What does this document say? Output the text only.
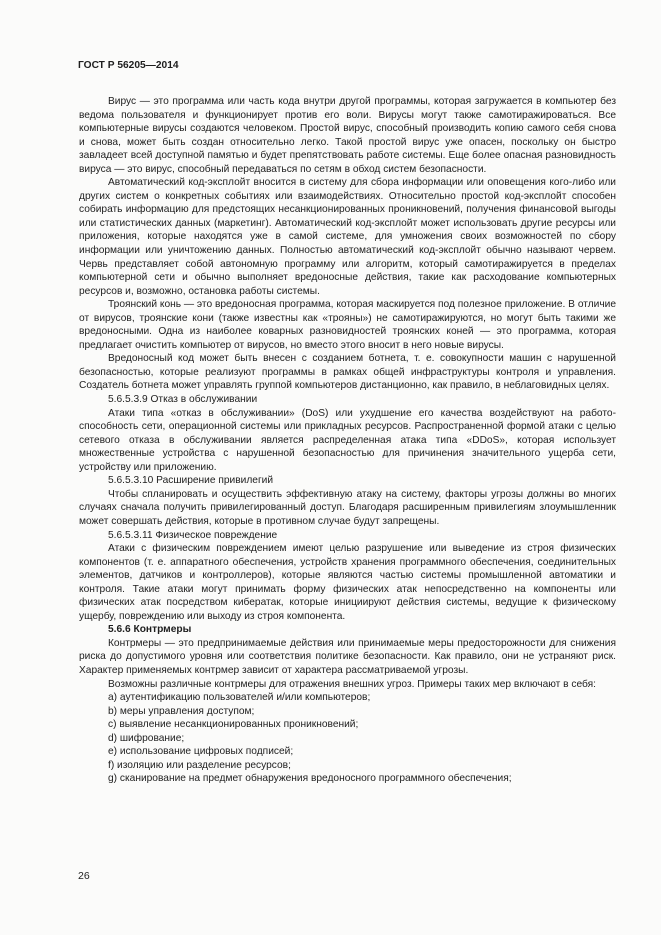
ГОСТ Р 56205—2014

Вирус — это программа или часть кода внутри другой программы, которая загружается в компьютер без ведома пользователя и функционирует против его воли. Вирусы могут также самотиражироваться. Все компьютерные вирусы создаются человеком. Простой вирус, способный производить копию самого себя снова и снова, может быть создан относительно легко. Такой простой вирус уже опасен, поскольку он быстро завладеет всей доступной памятью и будет препятствовать работе системы. Еще более опасная разновидность вируса — это вирус, способный передаваться по сетям в обход систем безопасности.

Автоматический код-эксплойт вносится в систему для сбора информации или оповещения кого-либо или других систем о конкретных событиях или взаимодействиях. Относительно простой код-эксплойт способен собирать информацию для предстоящих несанкционированных проникновений, получения финансовой выгоды или статистических данных (маркетинг). Автоматический код-эксплойт может использовать другие ресурсы или приложения, которые находятся уже в самой системе, для умножения своих возможностей по сбору информации или уничтожению данных. Полностью автоматический код-эксплойт обычно называют червем. Червь представляет собой автономную программу или алгоритм, который самотиражируется в пределах компьютерной сети и обычно выполняет вредоносные действия, такие как расходование компьютерных ресурсов и, возможно, остановка работы системы.

Троянский конь — это вредоносная программа, которая маскируется под полезное приложение. В отличие от вирусов, троянские кони (также известны как «трояны») не самотиражируются, но могут быть такими же вредоносными. Одна из наиболее коварных разновидностей троянских коней — это программа, которая предлагает очистить компьютер от вирусов, но вместо этого вносит в него новые вирусы.

Вредоносный код может быть внесен с созданием ботнета, т. е. совокупности машин с нарушенной безопасностью, которые реализуют программы в рамках общей инфраструктуры контроля и управления. Создатель ботнета может управлять группой компьютеров дистанционно, как правило, в неблаговидных целях.

5.6.5.3.9 Отказ в обслуживании

Атаки типа «отказ в обслуживании» (DoS) или ухудшение его качества воздействуют на работоспособность сети, операционной системы или прикладных ресурсов. Распространенной формой атаки с целью сетевого отказа в обслуживании является распределенная атака типа «DDoS», которая использует множественные устройства с нарушенной безопасностью для причинения значительного ущерба сети, устройству или приложению.

5.6.5.3.10 Расширение привилегий

Чтобы спланировать и осуществить эффективную атаку на систему, факторы угрозы должны во многих случаях сначала получить привилегированный доступ. Благодаря расширенным привилегиям злоумышленник может совершать действия, которые в противном случае будут запрещены.

5.6.5.3.11 Физическое повреждение

Атаки с физическим повреждением имеют целью разрушение или выведение из строя физических компонентов (т. е. аппаратного обеспечения, устройств хранения программного обеспечения, соединительных элементов, датчиков и контроллеров), которые являются частью системы промышленной автоматики и контроля. Такие атаки могут принимать форму физических атак непосредственно на компоненты или физических атак посредством кибератак, которые инициируют действия системы, ведущие к физическому ущербу, повреждению или выходу из строя компонента.

5.6.6 Контрмеры

Контрмеры — это предпринимаемые действия или принимаемые меры предосторожности для снижения риска до допустимого уровня или соответствия политике безопасности. Как правило, они не устраняют риск. Характер применяемых контрмер зависит от характера рассматриваемой угрозы.

Возможны различные контрмеры для отражения внешних угроз. Примеры таких мер включают в себя:

a) аутентификацию пользователей и/или компьютеров;

b) меры управления доступом;

c) выявление несанкционированных проникновений;

d) шифрование;

e) использование цифровых подписей;

f) изоляцию или разделение ресурсов;

g) сканирование на предмет обнаружения вредоносного программного обеспечения;

26
